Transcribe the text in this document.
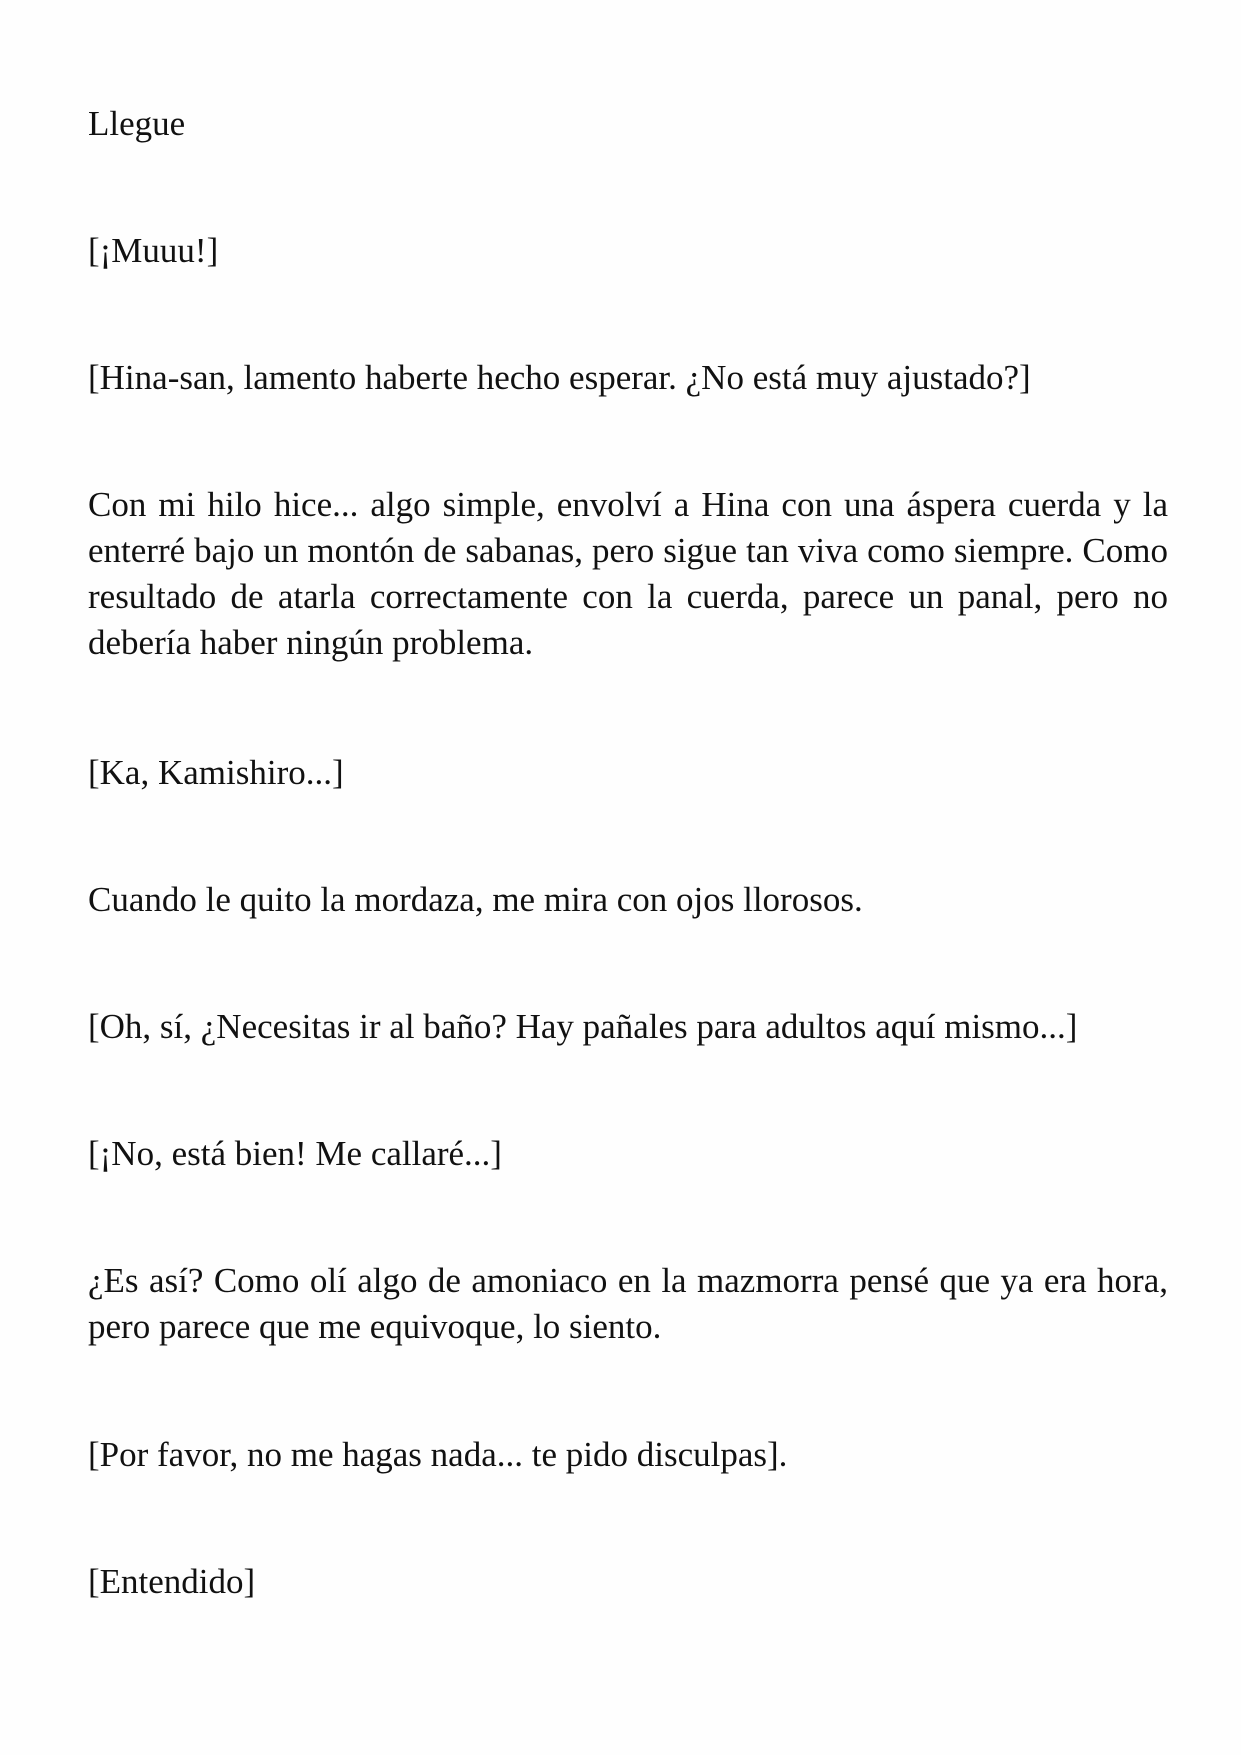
Llegue

[¡Muuu!]

[Hina-san, lamento haberte hecho esperar. ¿No está muy ajustado?]

Con mi hilo hice... algo simple, envolví a Hina con una áspera cuerda y la enterré bajo un montón de sabanas, pero sigue tan viva como siempre. Como resultado de atarla correctamente con la cuerda, parece un panal, pero no debería haber ningún problema.

[Ka, Kamishiro...]

Cuando le quito la mordaza, me mira con ojos llorosos.

[Oh, sí, ¿Necesitas ir al baño? Hay pañales para adultos aquí mismo...]

[¡No, está bien! Me callaré...]

¿Es así? Como olí algo de amoniaco en la mazmorra pensé que ya era hora, pero parece que me equivoque, lo siento.

[Por favor, no me hagas nada... te pido disculpas].

[Entendido]
